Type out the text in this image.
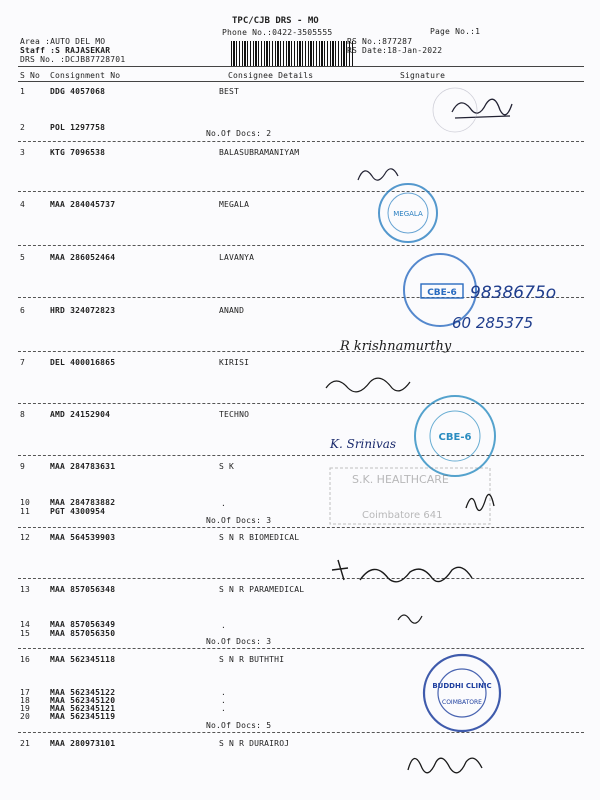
TPC/CJB DRS - MO
Phone No.:0422-3505555	Page No.:1
Area :AUTO DEL MO
Staff :S RAJASEKAR
DRS No. :DCJB87728701
RS No.:877287
RS Date:18-Jan-2022
S No Consignment No	Consignee Details	Signature
1	DDG 4057068	BEST
2	POL 1297758
No.Of Docs: 2
3	KTG 7096538	BALASUBRAMANIYAM
4	MAA 284045737	MEGALA
5	MAA 286052464	LAVANYA
6	HRD 324072823	ANAND
7	DEL 400016865	KIRISI
8	AMD 24152904	TECHNO
9	MAA 284783631	S K
10 MAA 284783882
11 PGT 4300954
.
No.Of Docs: 3
12 MAA 564539903	S N R BIOMEDICAL
13 MAA 857056348	S N R PARAMEDICAL
14 MAA 857056349
15 MAA 857056350
.
No.Of Docs: 3
16 MAA 562345118	S N R BUTHTHI
17 MAA 562345122
18 MAA 562345120
19 MAA 562345121
20 MAA 562345119
.
.
.
No.Of Docs: 5
21 MAA 280973101	S N R DURAIROJ
MEGALA
CBE-6 9838675o
60 285375
R krishnamurthy
CBE-6
K. Srinivas
S.K. HEALTHCARE
Coimbatore 641
BUDDHI CLINIC
COIMBATORE
